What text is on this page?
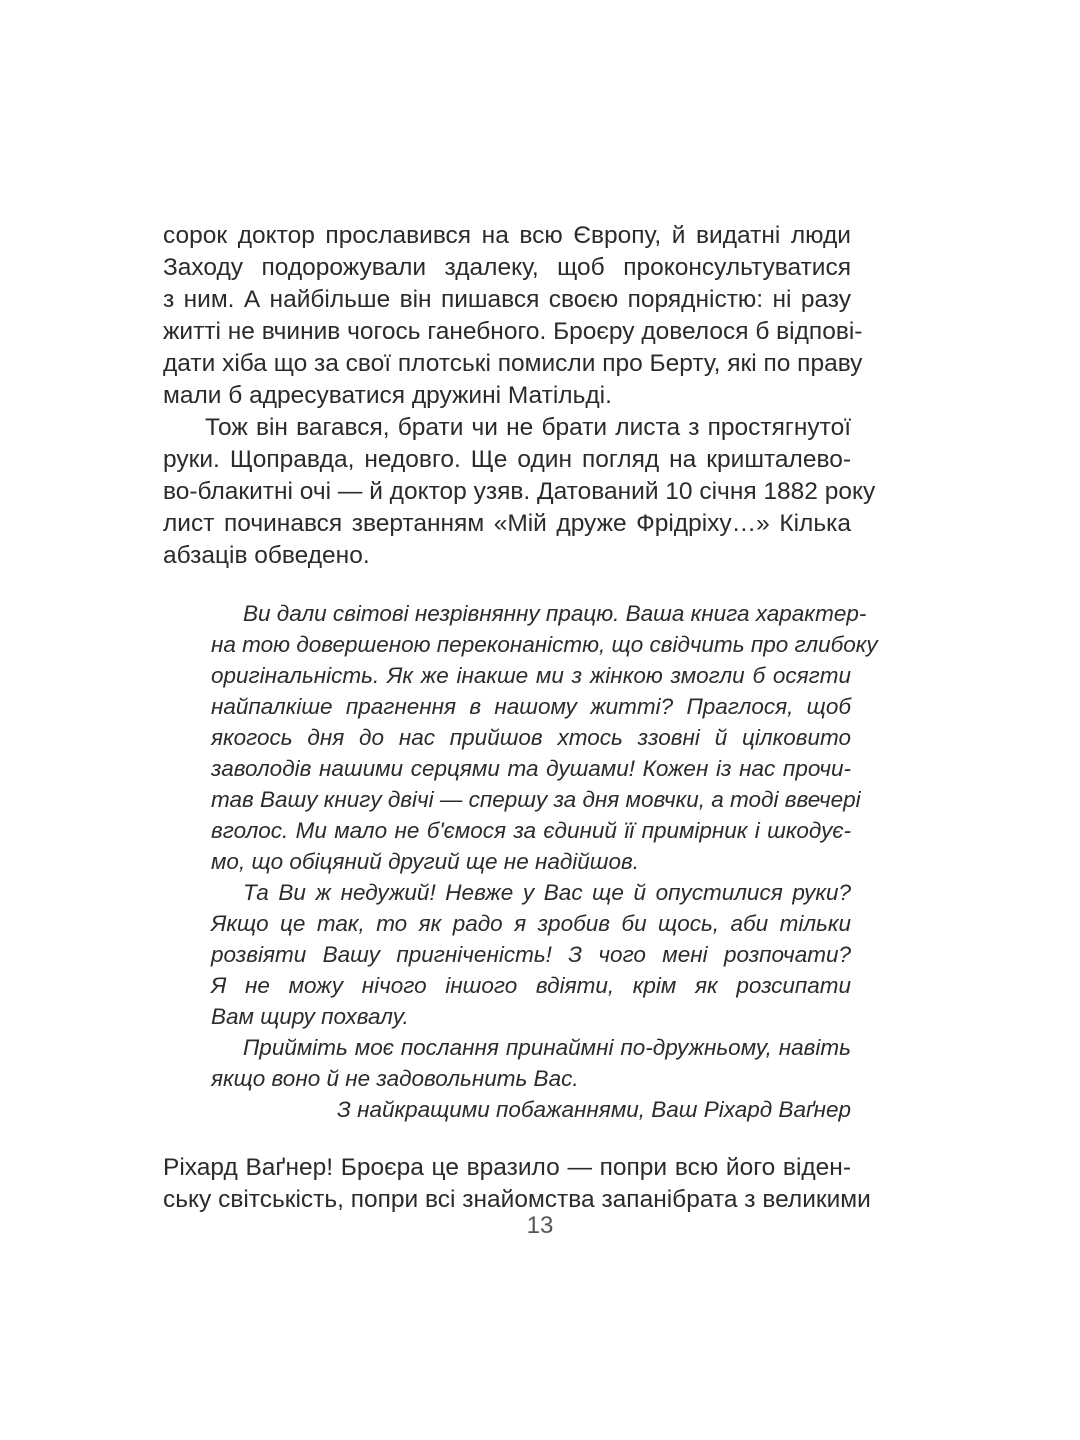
сорок доктор прославився на всю Європу, й видатні люди
Заходу подорожували здалеку, щоб проконсультуватися
з ним. А найбільше він пишався своєю порядністю: ні разу
житті не вчинив чогось ганебного. Броєру довелося б відпові-
дати хіба що за свої плотські помисли про Берту, які по праву
мали б адресуватися дружині Матільді.
Тож він вагався, брати чи не брати листа з простягнутої
руки. Щоправда, недовго. Ще один погляд на кришталево-
во-блакитні очі — й доктор узяв. Датований 10 січня 1882 року
лист починався звертанням «Мій друже Фрідріху…» Кілька
абзаців обведено.
Ви дали світові незрівнянну працю. Ваша книга характер-
на тою довершеною переконаністю, що свідчить про глибоку
оригінальність. Як же інакше ми з жінкою змогли б осягти
найпалкіше прагнення в нашому житті? Праглося, щоб
якогось дня до нас прийшов хтось ззовні й цілковито
заволодів нашими серцями та душами! Кожен із нас прочи-
тав Вашу книгу двічі — спершу за дня мовчки, а тоді ввечері
вголос. Ми мало не б'ємося за єдиний її примірник і шкодує-
мо, що обіцяний другий ще не надійшов.
Та Ви ж недужий! Невже у Вас ще й опустилися руки?
Якщо це так, то як радо я зробив би щось, аби тільки
розвіяти Вашу пригніченість! З чого мені розпочати?
Я не можу нічого іншого вдіяти, крім як розсипати
Вам щиру похвалу.
Прийміть моє послання принаймні по-дружньому, навіть
якщо воно й не задовольнить Вас.
З найкращими побажаннями, Ваш Ріхард Ваґнер
Ріхард Ваґнер! Броєра це вразило — попри всю його віден-
ську світськість, попри всі знайомства запанібрата з великими
13
